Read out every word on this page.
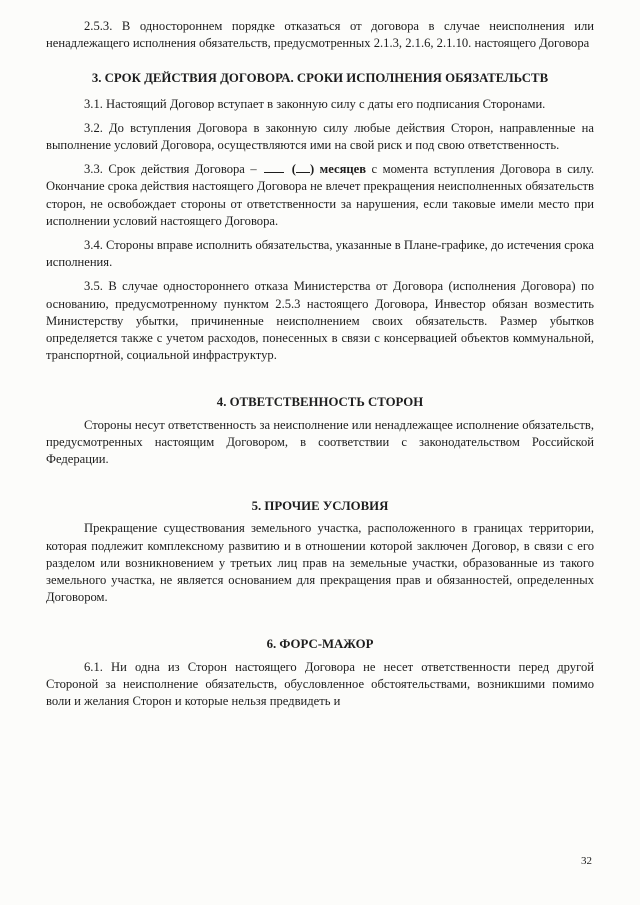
2.5.3. В одностороннем порядке отказаться от договора в случае неисполнения или ненадлежащего исполнения обязательств, предусмотренных 2.1.3, 2.1.6, 2.1.10. настоящего Договора

3. СРОК ДЕЙСТВИЯ ДОГОВОРА. СРОКИ ИСПОЛНЕНИЯ ОБЯЗАТЕЛЬСТВ

3.1. Настоящий Договор вступает в законную силу с даты его подписания Сторонами.

3.2. До вступления Договора в законную силу любые действия Сторон, направленные на выполнение условий Договора, осуществляются ими на свой риск и под свою ответственность.

3.3. Срок действия Договора –	( ) месяцев с момента вступления Договора в силу. Окончание срока действия настоящего Договора не влечет прекращения неисполненных обязательств сторон, не освобождает стороны от ответственности за нарушения, если таковые имели место при исполнении условий настоящего Договора.

3.4. Стороны вправе исполнить обязательства, указанные в Плане-графике, до истечения срока исполнения.

3.5. В случае одностороннего отказа Министерства от Договора (исполнения Договора) по основанию, предусмотренному пунктом 2.5.3 настоящего Договора, Инвестор обязан возместить Министерству убытки, причиненные неисполнением своих обязательств. Размер убытков определяется также с учетом расходов, понесенных в связи с консервацией объектов коммунальной, транспортной, социальной инфраструктур.

4. ОТВЕТСТВЕННОСТЬ СТОРОН

Стороны несут ответственность за неисполнение или ненадлежащее исполнение обязательств, предусмотренных настоящим Договором, в соответствии с законодательством Российской Федерации.

5. ПРОЧИЕ УСЛОВИЯ

Прекращение существования земельного участка, расположенного в границах территории, которая подлежит комплексному развитию и в отношении которой заключен Договор, в связи с его разделом или возникновением у третьих лиц прав на земельные участки, образованные из такого земельного участка, не является основанием для прекращения прав и обязанностей, определенных Договором.

6. ФОРС-МАЖОР

6.1. Ни одна из Сторон настоящего Договора не несет ответственности перед другой Стороной за неисполнение обязательств, обусловленное обстоятельствами, возникшими помимо воли и желания Сторон и которые нельзя предвидеть и

32
